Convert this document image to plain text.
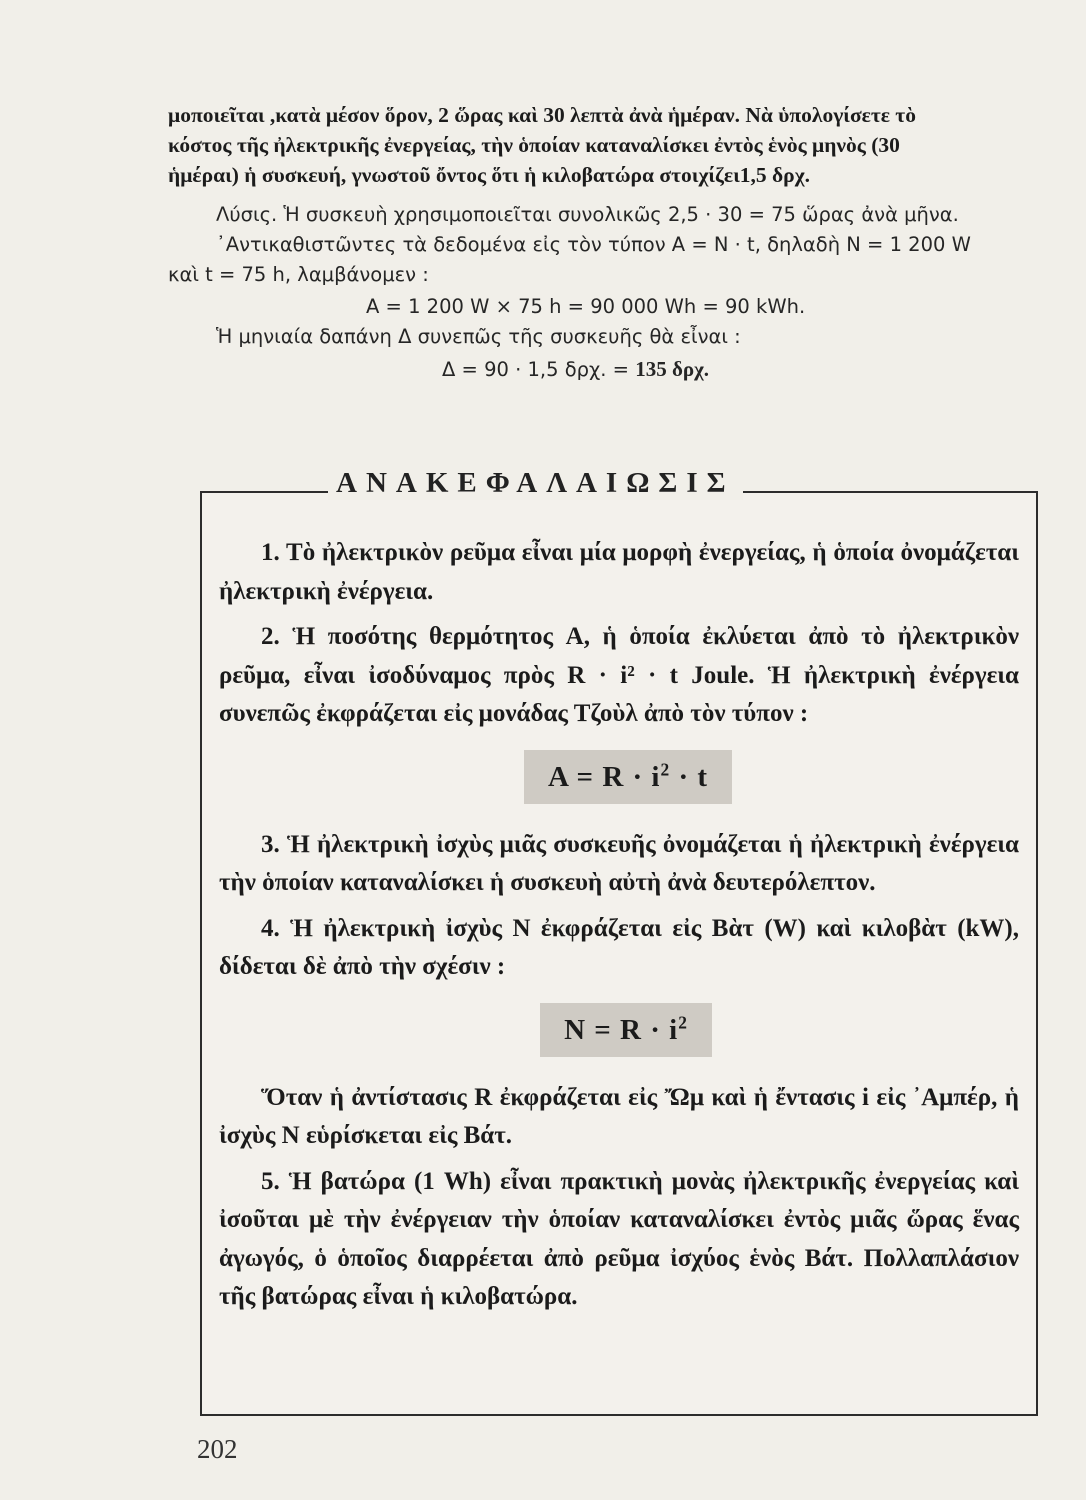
μοποιεῖται ,κατὰ μέσον ὅρον, 2 ὥρας καὶ 30 λεπτὰ ἀνὰ ἡμέραν. Νὰ ὑπολογίσετε τὸ

κόστος τῆς ἠλεκτρικῆς ἐνεργείας, τὴν ὁποίαν καταναλίσκει ἐντὸς ἑνὸς μηνὸς (30

ἡμέραι) ἡ συσκευή, γνωστοῦ ὄντος ὅτι ἡ κιλοβατώρα στοιχίζει1,5 δρχ.

Λύσις. Ἡ συσκευὴ χρησιμοποιεῖται συνολικῶς 2,5 · 30 = 75 ὥρας ἀνὰ μῆνα.

᾿Αντικαθιστῶντες τὰ δεδομένα εἰς τὸν τύπον A = N · t, δηλαδὴ N = 1 200 W

καὶ t = 75 h, λαμβάνομεν :

A = 1 200 W × 75 h = 90 000 Wh = 90 kWh.

Ἡ μηνιαία δαπάνη Δ συνεπῶς τῆς συσκευῆς θὰ εἶναι :

Δ = 90 · 1,5 δρχ. = 135 δρχ.

ΑΝΑΚΕΦΑΛΑΙΩΣΙΣ

1. Τὸ ἠλεκτρικὸν ρεῦμα εἶναι μία μορφὴ ἐνεργείας, ἡ ὁποία ὀνομάζεται ἠλεκτρικὴ ἐνέργεια.

2. Ἡ ποσότης θερμότητος A, ἡ ὁποία ἐκλύεται ἀπὸ τὸ ἠλεκτρικὸν ρεῦμα, εἶναι ἰσοδύναμος πρὸς R · i² · t Joule. Ἡ ἠλεκτρικὴ ἐνέργεια συνεπῶς ἐκφράζεται εἰς μονάδας Τζοὺλ ἀπὸ τὸν τύπον :

$A = R \cdot i^2 \cdot t$

3. Ἡ ἠλεκτρικὴ ἰσχὺς μιᾶς συσκευῆς ὀνομάζεται ἡ ἠλεκτρικὴ ἐνέργεια τὴν ὁποίαν καταναλίσκει ἡ συσκευὴ αὐτὴ ἀνὰ δευτερόλεπτον.

4. Ἡ ἠλεκτρικὴ ἰσχὺς N ἐκφράζεται εἰς Βὰτ (W) καὶ κιλοβὰτ (kW), δίδεται δὲ ἀπὸ τὴν σχέσιν :

$N = R \cdot i^2$

Ὅταν ἡ ἀντίστασις R ἐκφράζεται εἰς Ὤμ καὶ ἡ ἔντασις i εἰς ᾿Αμπέρ, ἡ ἰσχὺς N εὑρίσκεται εἰς Βάτ.

5. Ἡ βατώρα (1 Wh) εἶναι πρακτικὴ μονὰς ἠλεκτρικῆς ἐνεργείας καὶ ἰσοῦται μὲ τὴν ἐνέργειαν τὴν ὁποίαν καταναλίσκει ἐντὸς μιᾶς ὥρας ἕνας ἀγωγός, ὁ ὁποῖος διαρρέεται ἀπὸ ρεῦμα ἰσχύος ἑνὸς Βάτ. Πολλαπλάσιον τῆς βατώρας εἶναι ἡ κιλοβατώρα.

202
